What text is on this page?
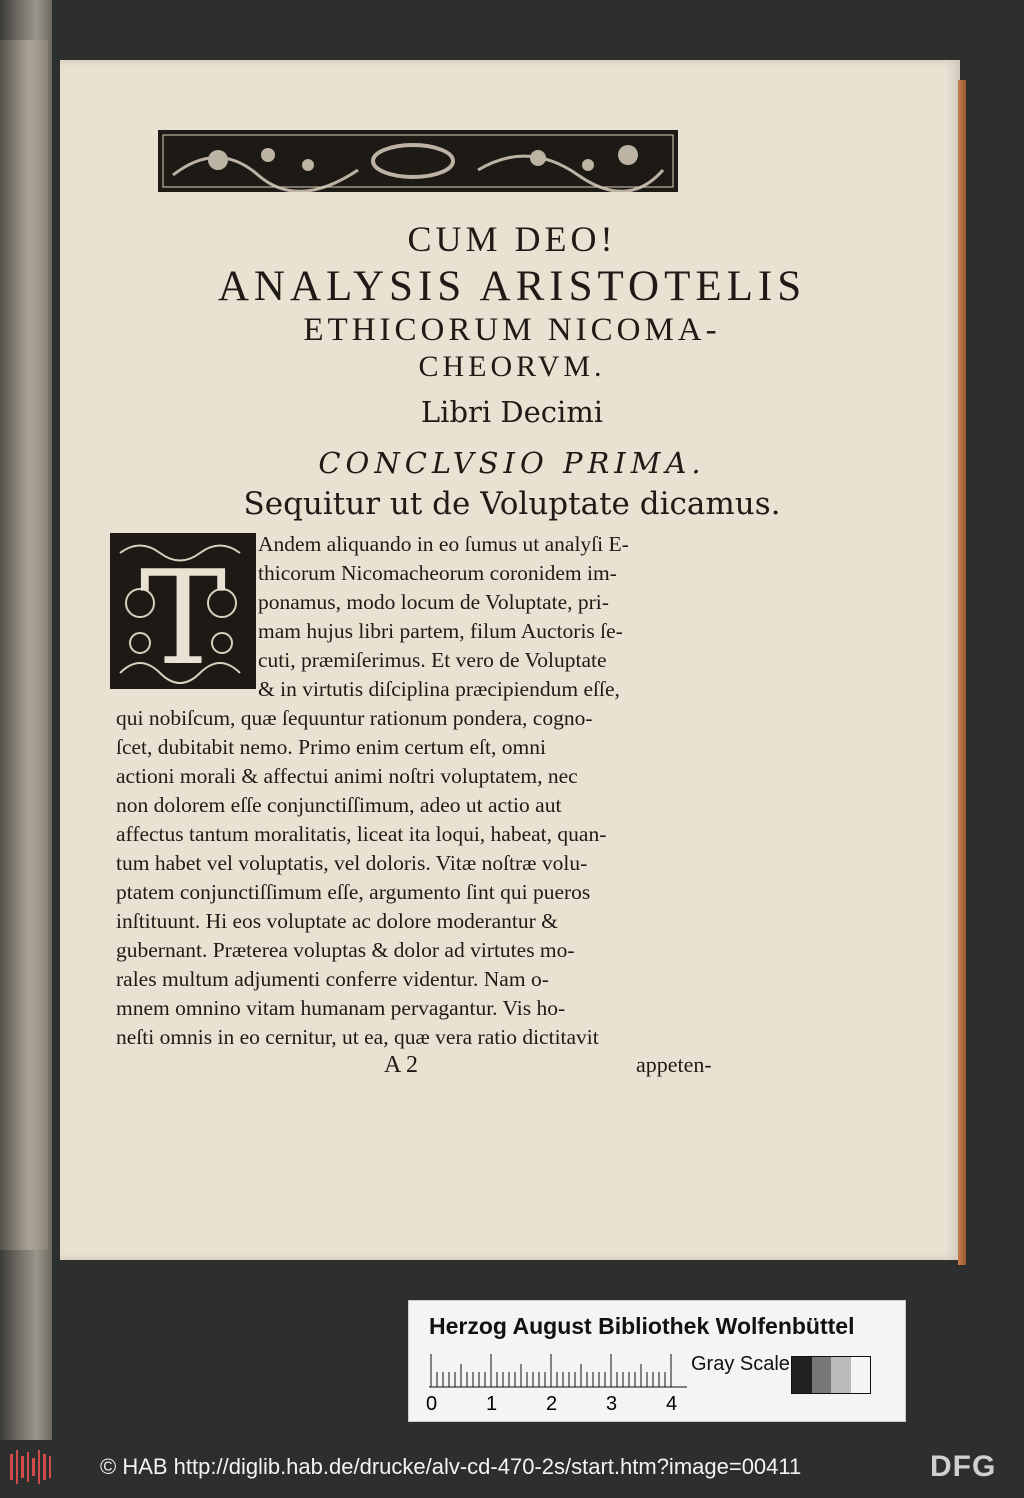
CUM DEO!
ANALYSIS ARISTOTELIS
ETHICORUM NICOMA-
CHEORVM.
Libri Decimi
CONCLVSIO PRIMA.
Sequitur ut de Voluptate dicamus.
T Andem aliquando in eo ſumus ut analyſi E-
thicorum Nicomacheorum coronidem im-
ponamus, modo locum de Voluptate, pri-
mam hujus libri partem, filum Auctoris ſe-
cuti, præmiſerimus. Et vero de Voluptate
& in virtutis diſciplina præcipiendum eſſe,
qui nobiſcum, quæ ſequuntur rationum pondera, cogno-
ſcet, dubitabit nemo. Primo enim certum eſt, omni
actioni morali & affectui animi noſtri voluptatem, nec
non dolorem eſſe conjunctiſſimum, adeo ut actio aut
affectus tantum moralitatis, liceat ita loqui, habeat, quan-
tum habet vel voluptatis, vel doloris. Vitæ noſtræ volu-
ptatem conjunctiſſimum eſſe, argumento ſint qui pueros
inſtituunt. Hi eos voluptate ac dolore moderantur &
gubernant. Præterea voluptas & dolor ad virtutes mo-
rales multum adjumenti conferre videntur. Nam o-
mnem omnino vitam humanam pervagantur. Vis ho-
neſti omnis in eo cernitur, ut ea, quæ vera ratio dictitavit
A 2	appeten-
Herzog August Bibliothek Wolfenbüttel
0 1 2 3 4
Gray Scale
© HAB http://diglib.hab.de/drucke/alv-cd-470-2s/start.htm?image=00411	DFG
